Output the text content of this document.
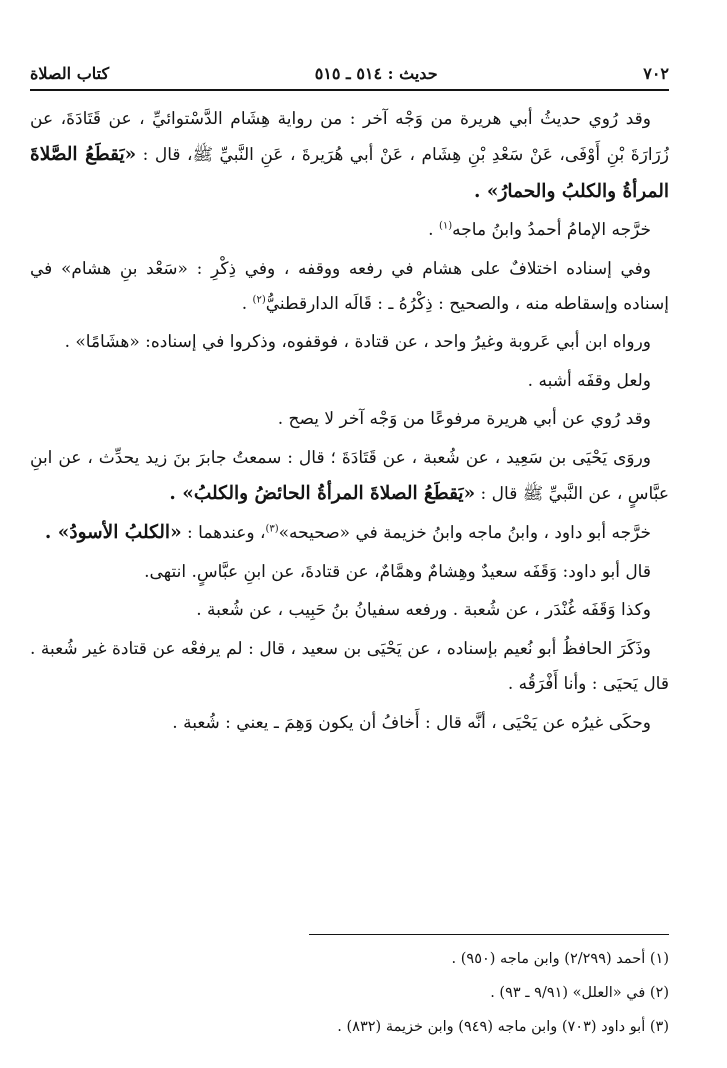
٧٠٢
حديث : ٥١٤ ـ ٥١٥
كتاب الصلاة

وقد رُوي حديثُ أبي هريرة من وَجْه آخر : من رواية هِشَام الدَّسْتوائيِّ ، عن قَتَادَةَ، عن زُرَارَةَ بْنِ أَوْفَى، عَنْ سَعْدِ بْنِ هِشَام ، عَنْ أبي هُرَيرةَ ، عَنِ النَّبيِّ ﷺ، قال : «يَقطَعُ الصَّلاةَ المرأةُ والكلبُ والحمارُ» .

خرَّجه الإمامُ أحمدُ وابنُ ماجه$^{(١)}$ .

وفي إسناده اختلافٌ على هشام في رفعه ووقفه ، وفي ذِكْرِ : «سَعْد بنِ هشام» في إسناده وإسقاطه منه ، والصحيح : ذِكْرُهُ ـ : قَالَه الدارقطنيُّ$^{(٢)}$ .

ورواه ابن أبي عَروبة وغيرُ واحد ، عن قتادة ، فوقفوه، وذكروا في إسناده: «هشَامًا» .

ولعل وقفَه أشبه .

وقد رُوي عن أبي هريرة مرفوعًا من وَجْه آخر لا يصح .

وروَى يَحْيَى بن سَعِيد ، عن شُعبة ، عن قَتَادَةَ ؛ قال : سمعتُ جابرَ بنَ زيد يحدِّث ، عن ابنِ عبَّاسٍ ، عن النَّبيِّ ﷺ قال : «يَقطَعُ الصلاةَ المرأةُ الحائضُ والكلبُ» .

خرَّجه أبو داود ، وابنُ ماجه وابنُ خزيمة في «صحيحه»$^{(٣)}$، وعندهما : «الكلبُ الأسودُ» .

قال أبو داود: وَقَفَه سعيدٌ وهِشامٌ وهمَّامٌ، عن قتادةَ، عن ابنِ عبَّاسٍ. انتهى.

وكذا وَقَفَه غُنْدَر ، عن شُعبة . ورفعه سفيانُ بنُ حَبِيب ، عن شُعبة .

وذَكَرَ الحافظُ أبو نُعيم بإسناده ، عن يَحْيَى بن سعيد ، قال : لم يرفعْه عن قتادة غير شُعبة . قال يَحيَى : وأنا أَفْرَقُه .

وحكَى غيرُه عن يَحْيَى ، أنَّه قال : أَخافُ أن يكون وَهِمَ ـ يعني : شُعبة .

(١) أحمد (٢/٢٩٩) وابن ماجه (٩٥٠) .
(٢) في «العلل» (٩/٩١ ـ ٩٣) .
(٣) أبو داود (٧٠٣) وابن ماجه (٩٤٩) وابن خزيمة (٨٣٢) .
